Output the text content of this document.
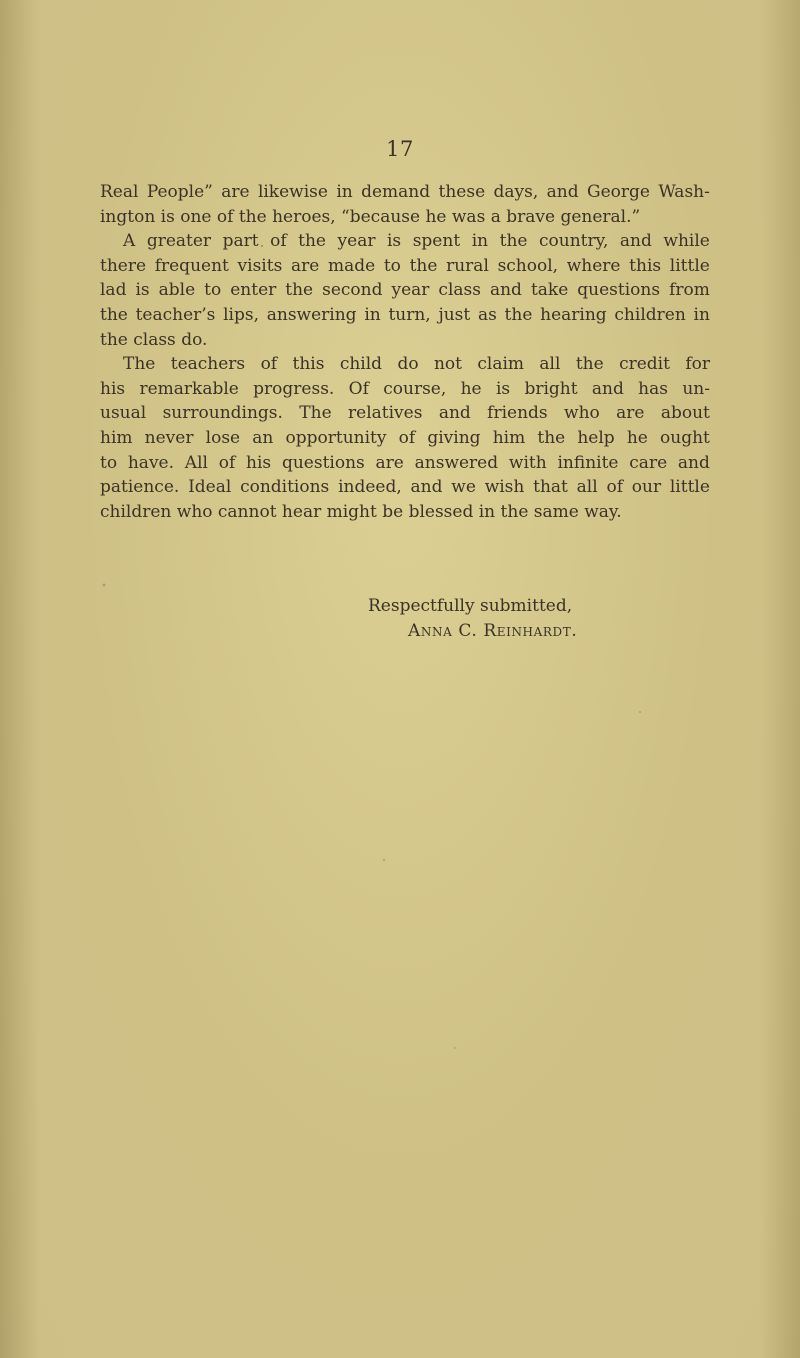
17
Real People” are likewise in demand these days, and George Wash-
ington is one of the heroes, “because he was a brave general.”
A greater part of the year is spent in the country, and while
there frequent visits are made to the rural school, where this little
lad is able to enter the second year class and take questions from
the teacher’s lips, answering in turn, just as the hearing children in
the class do.
The teachers of this child do not claim all the credit for
his remarkable progress. Of course, he is bright and has un-
usual surroundings. The relatives and friends who are about
him never lose an opportunity of giving him the help he ought
to have. All of his questions are answered with infinite care and
patience. Ideal conditions indeed, and we wish that all of our little
children who cannot hear might be blessed in the same way.
Respectfully submitted,
Anna C. Reinhardt.
